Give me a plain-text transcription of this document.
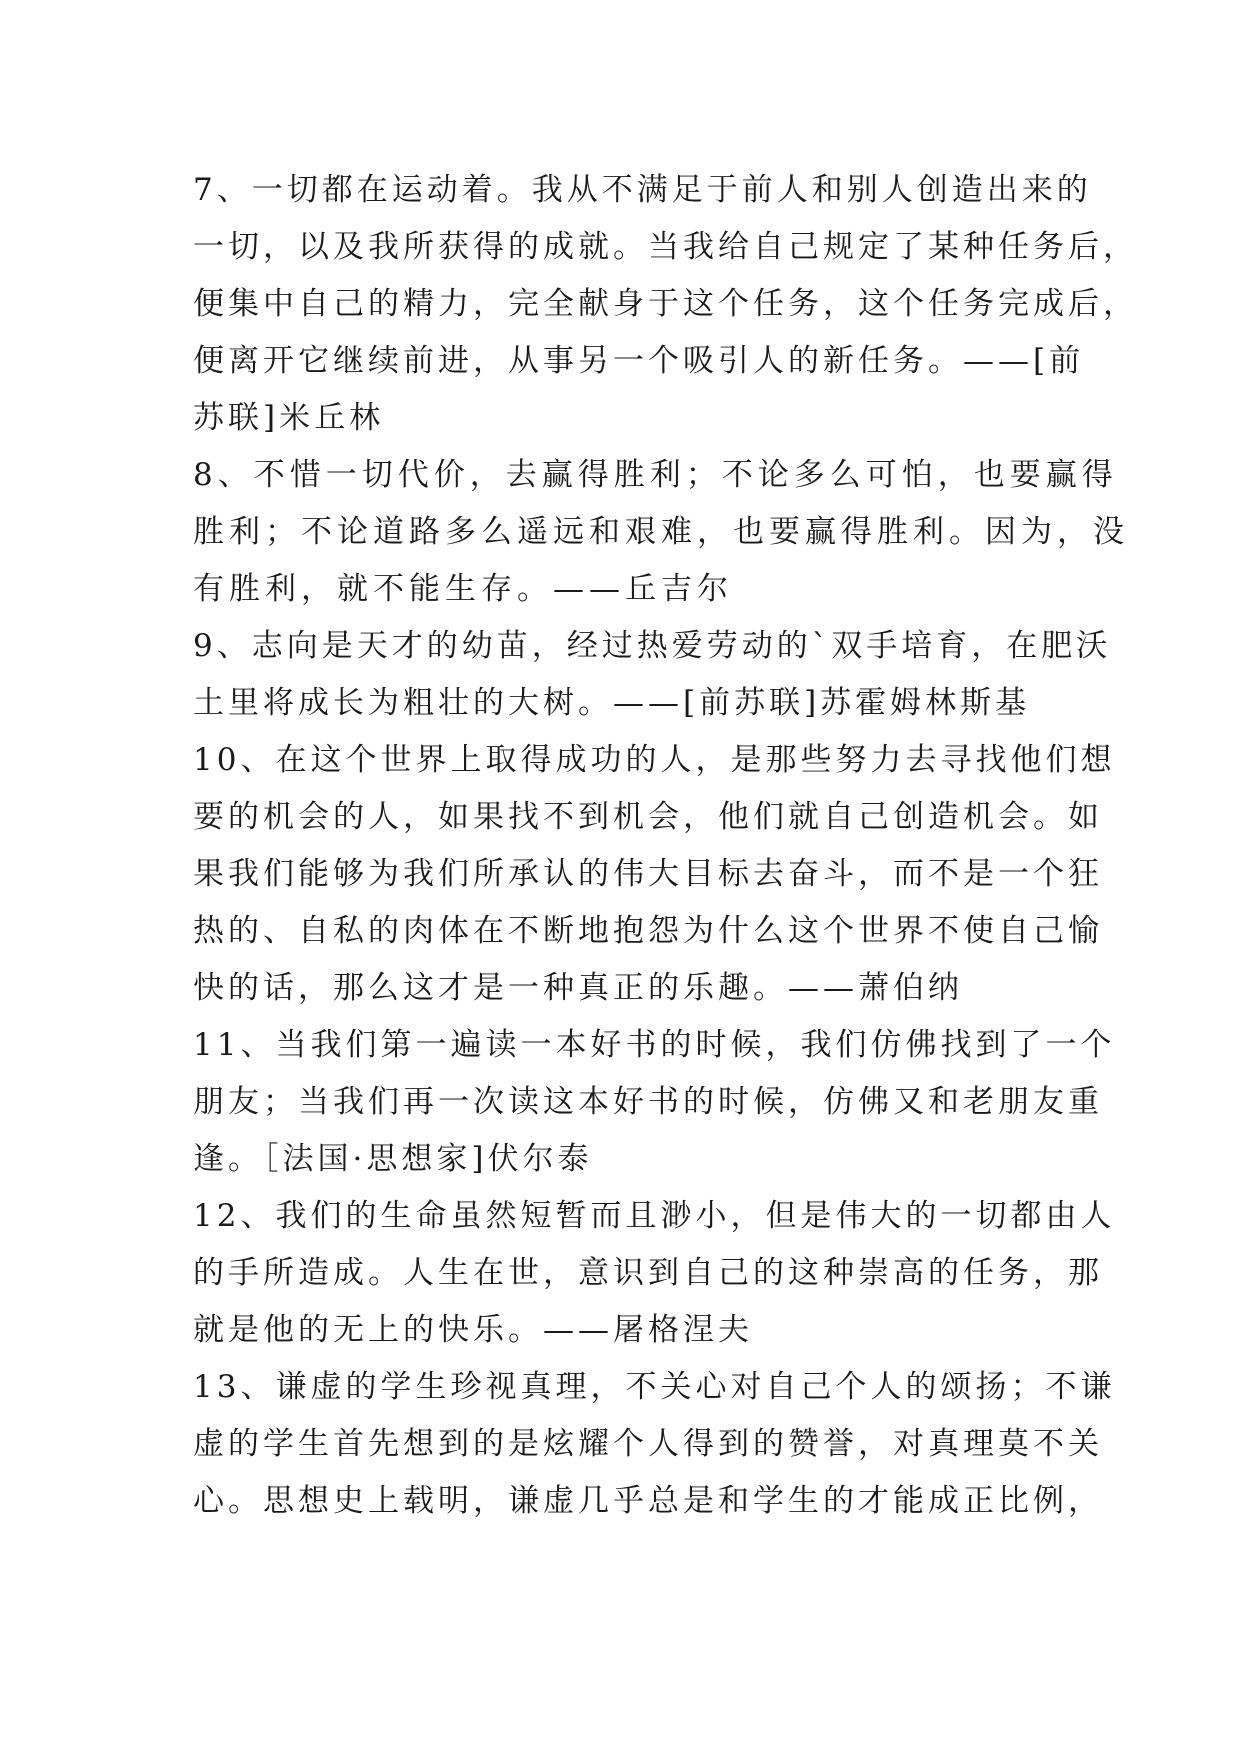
7、一切都在运动着。我从不满足于前人和别人创造出来的
一切，以及我所获得的成就。当我给自己规定了某种任务后，
便集中自己的精力，完全献身于这个任务，这个任务完成后，
便离开它继续前进，从事另一个吸引人的新任务。——[前
苏联]米丘林
8、不惜一切代价，去赢得胜利；不论多么可怕，也要赢得
胜利；不论道路多么遥远和艰难，也要赢得胜利。因为，没
有胜利，就不能生存。——丘吉尔
9、志向是天才的幼苗，经过热爱劳动的`双手培育，在肥沃
土里将成长为粗壮的大树。——[前苏联]苏霍姆林斯基
10、在这个世界上取得成功的人，是那些努力去寻找他们想
要的机会的人，如果找不到机会，他们就自己创造机会。如
果我们能够为我们所承认的伟大目标去奋斗，而不是一个狂
热的、自私的肉体在不断地抱怨为什么这个世界不使自己愉
快的话，那么这才是一种真正的乐趣。——萧伯纳
11、当我们第一遍读一本好书的时候，我们仿佛找到了一个
朋友；当我们再一次读这本好书的时候，仿佛又和老朋友重
逢。［法国·思想家]伏尔泰
12、我们的生命虽然短暂而且渺小，但是伟大的一切都由人
的手所造成。人生在世，意识到自己的这种崇高的任务，那
就是他的无上的快乐。——屠格涅夫
13、谦虚的学生珍视真理，不关心对自己个人的颂扬；不谦
虚的学生首先想到的是炫耀个人得到的赞誉，对真理莫不关
心。思想史上载明，谦虚几乎总是和学生的才能成正比例，
